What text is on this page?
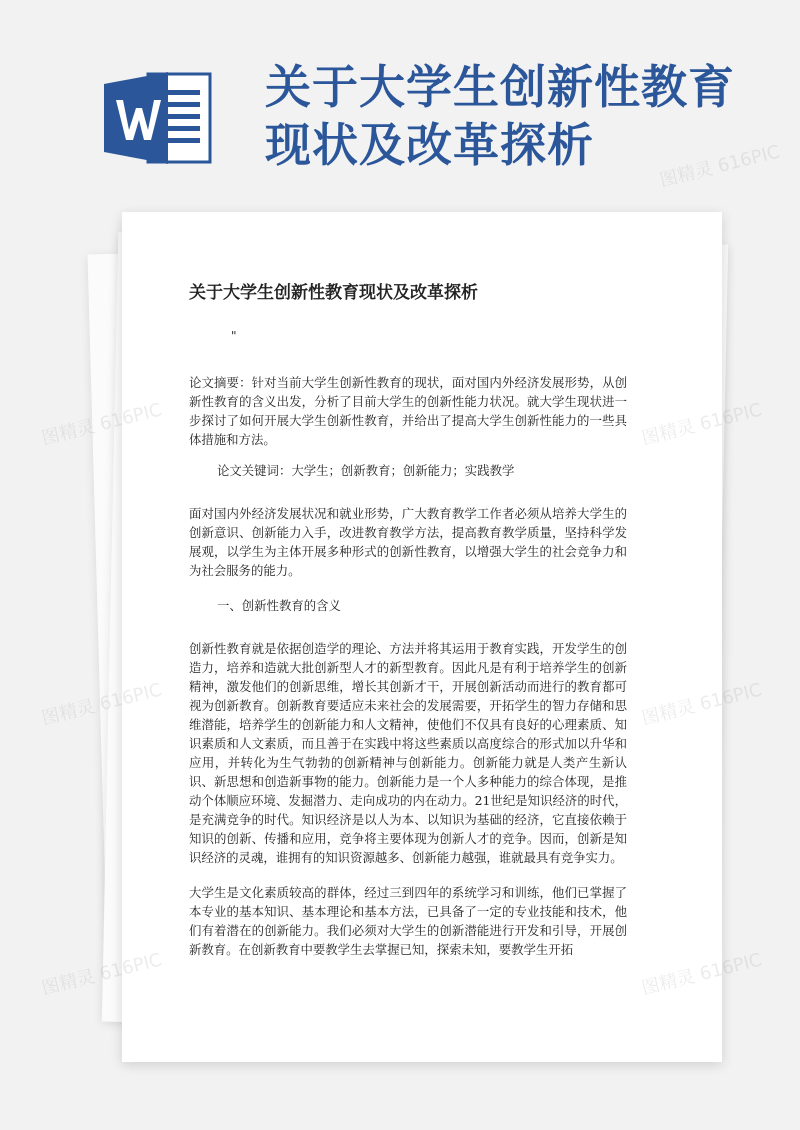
关于大学生创新性教育
现状及改革探析
关于大学生创新性教育现状及改革探析
"
论文摘要：针对当前大学生创新性教育的现状，面对国内外经济发展形势，从创新性教育的含义出发，分析了目前大学生的创新性能力状况。就大学生现状进一步探讨了如何开展大学生创新性教育，并给出了提高大学生创新性能力的一些具体措施和方法。
论文关键词：大学生；创新教育；创新能力；实践教学
面对国内外经济发展状况和就业形势，广大教育教学工作者必须从培养大学生的创新意识、创新能力入手，改进教育教学方法，提高教育教学质量，坚持科学发展观，以学生为主体开展多种形式的创新性教育，以增强大学生的社会竞争力和为社会服务的能力。
一、创新性教育的含义
创新性教育就是依据创造学的理论、方法并将其运用于教育实践，开发学生的创造力，培养和造就大批创新型人才的新型教育。因此凡是有利于培养学生的创新精神，激发他们的创新思维，增长其创新才干，开展创新活动而进行的教育都可视为创新教育。创新教育要适应未来社会的发展需要，开拓学生的智力存储和思维潜能，培养学生的创新能力和人文精神，使他们不仅具有良好的心理素质、知识素质和人文素质，而且善于在实践中将这些素质以高度综合的形式加以升华和应用，并转化为生气勃勃的创新精神与创新能力。创新能力就是人类产生新认识、新思想和创造新事物的能力。创新能力是一个人多种能力的综合体现，是推动个体顺应环境、发掘潜力、走向成功的内在动力。21世纪是知识经济的时代，是充满竞争的时代。知识经济是以人为本、以知识为基础的经济，它直接依赖于知识的创新、传播和应用，竞争将主要体现为创新人才的竞争。因而，创新是知识经济的灵魂，谁拥有的知识资源越多、创新能力越强，谁就最具有竞争实力。
大学生是文化素质较高的群体，经过三到四年的系统学习和训练，他们已掌握了本专业的基本知识、基本理论和基本方法，已具备了一定的专业技能和技术，他们有着潜在的创新能力。我们必须对大学生的创新潜能进行开发和引导，开展创新教育。在创新教育中要教学生去掌握已知，探索未知，要教学生开拓
图精灵 616PIC
图精灵	616PIC
图精灵	616PIC
图精灵	616PIC
